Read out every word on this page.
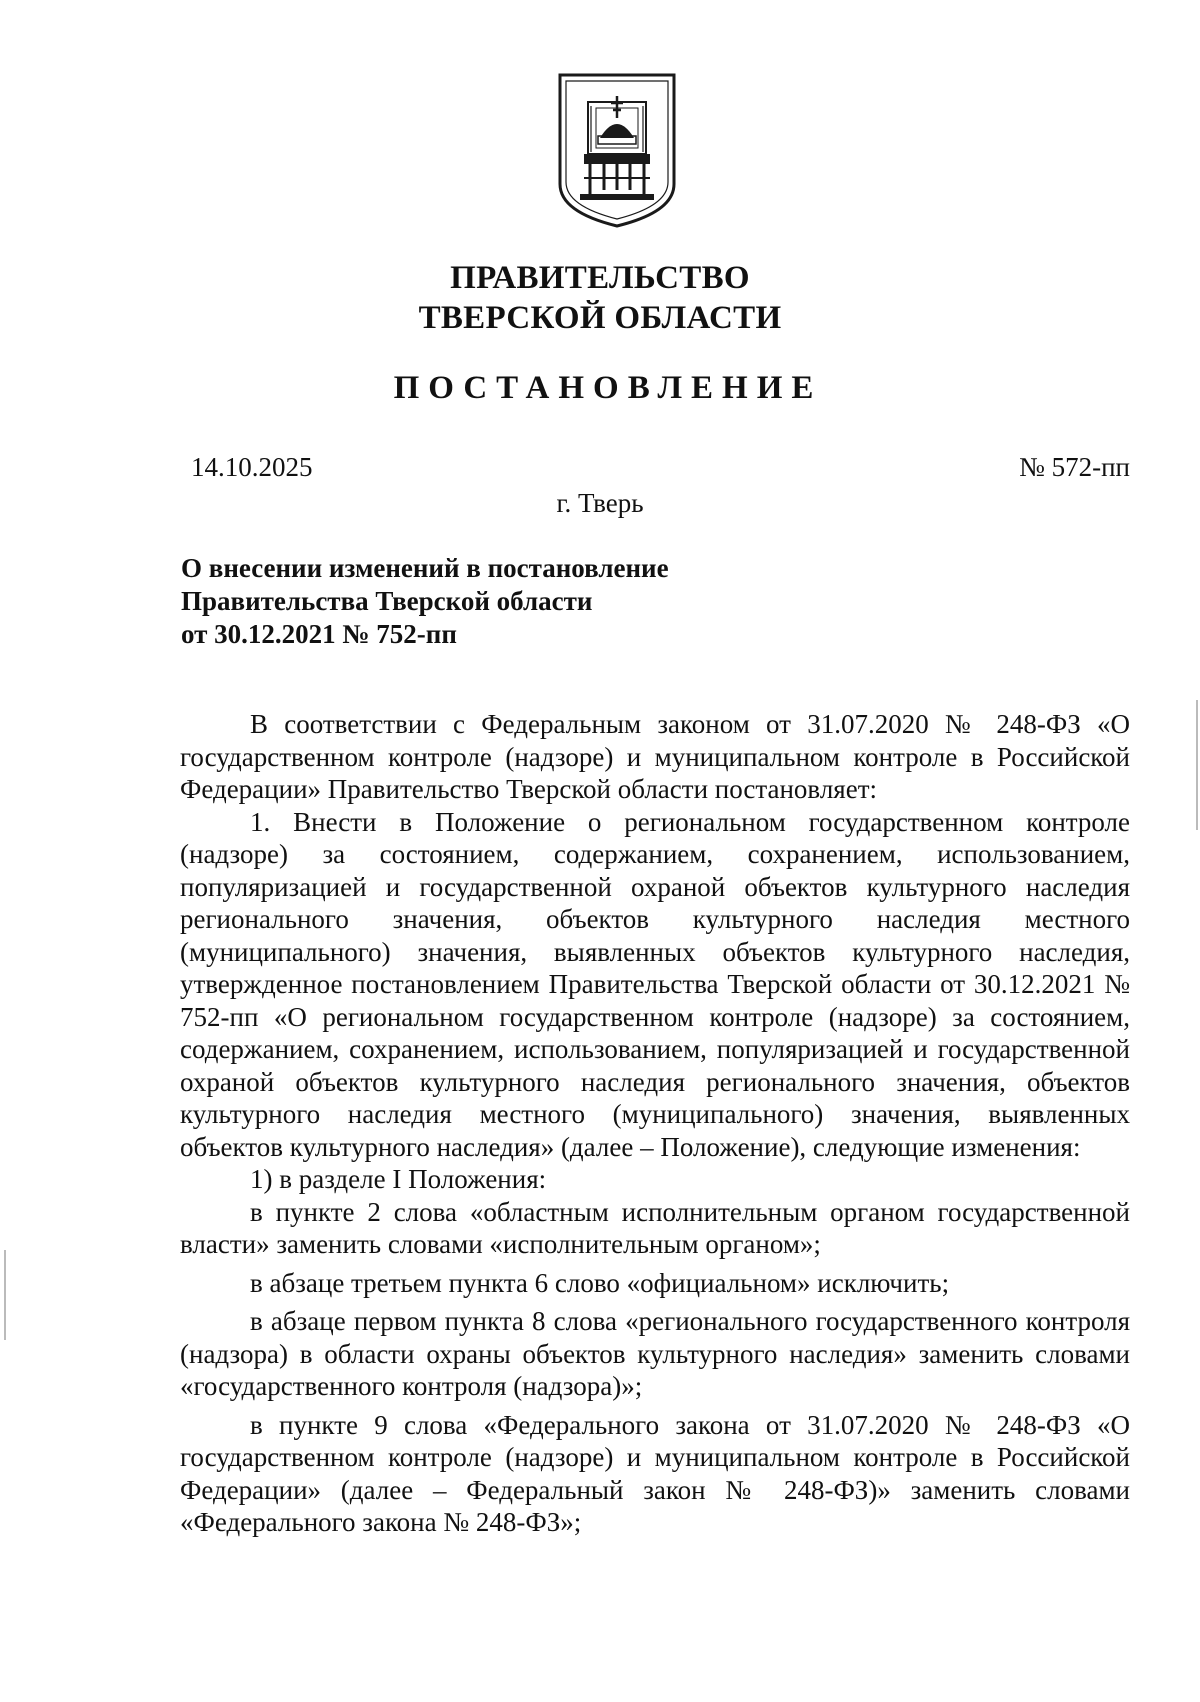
ПРАВИТЕЛЬСТВО
ТВЕРСКОЙ ОБЛАСТИ
ПОСТАНОВЛЕНИЕ
14.10.2025	№ 572-пп
г. Тверь
О внесении изменений в постановление
Правительства Тверской области
от 30.12.2021 № 752-пп

В соответствии с Федеральным законом от 31.07.2020 № 248-ФЗ «О государственном контроле (надзоре) и муниципальном контроле в Российской Федерации» Правительство Тверской области постановляет:

1. Внести в Положение о региональном государственном контроле (надзоре) за состоянием, содержанием, сохранением, использованием, популяризацией и государственной охраной объектов культурного наследия регионального значения, объектов культурного наследия местного (муниципального) значения, выявленных объектов культурного наследия, утвержденное постановлением Правительства Тверской области от 30.12.2021 № 752-пп «О региональном государственном контроле (надзоре) за состоянием, содержанием, сохранением, использованием, популяризацией и государственной охраной объектов культурного наследия регионального значения, объектов культурного наследия местного (муниципального) значения, выявленных объектов культурного наследия» (далее – Положение), следующие изменения:

1) в разделе I Положения:

в пункте 2 слова «областным исполнительным органом государственной власти» заменить словами «исполнительным органом»;

в абзаце третьем пункта 6 слово «официальном» исключить;

в абзаце первом пункта 8 слова «регионального государственного контроля (надзора) в области охраны объектов культурного наследия» заменить словами «государственного контроля (надзора)»;

в пункте 9 слова «Федерального закона от 31.07.2020 № 248-ФЗ «О государственном контроле (надзоре) и муниципальном контроле в Российской Федерации» (далее – Федеральный закон № 248-ФЗ)» заменить словами «Федерального закона № 248-ФЗ»;
